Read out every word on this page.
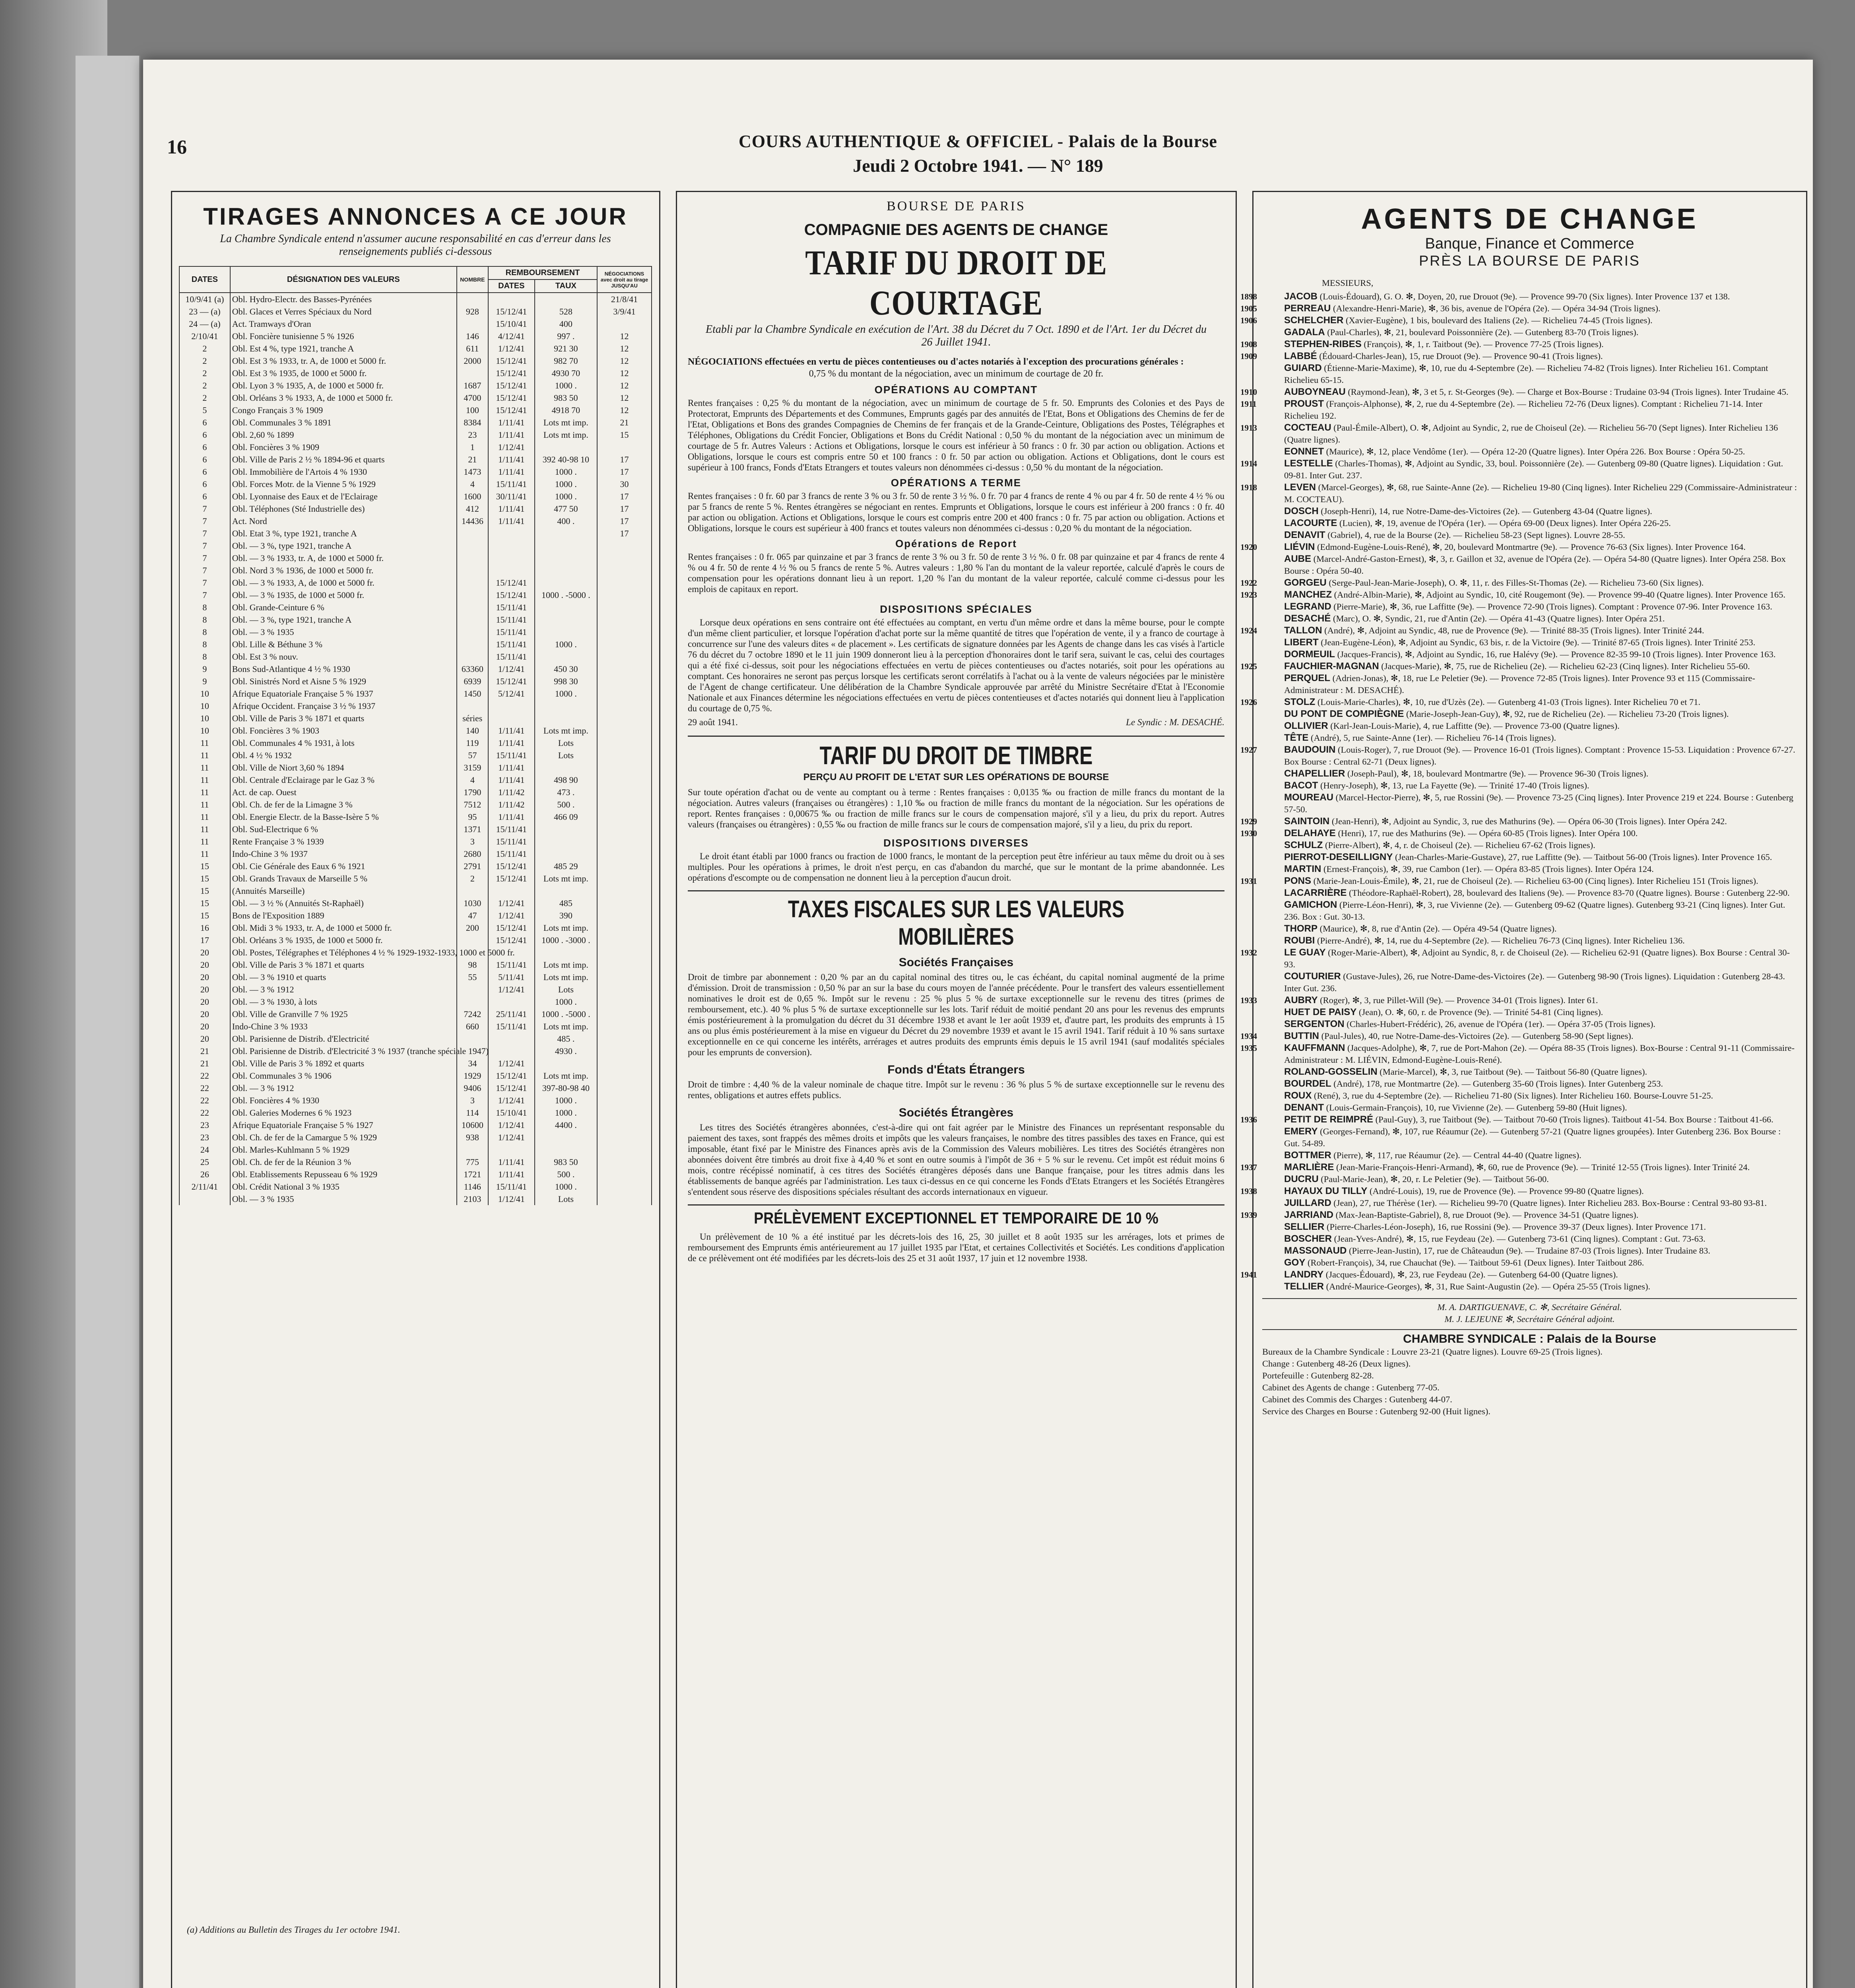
16	COURS AUTHENTIQUE & OFFICIEL - Palais de la Bourse
Jeudi 2 Octobre 1941. — N° 189
TIRAGES ANNONCES A CE JOUR
La Chambre Syndicale entend n'assumer aucune responsabilité en cas d'erreur dans les renseignements publiés ci-dessous
DATES	DÉSIGNATION DES VALEURS	NOMBRE	REMBOURSEMENT		NÉGOCIATIONS avec droit au tirage JUSQU'AU
			DATES	TAUX	
10/9/41 (a)	Obl. Hydro-Electr. des Basses-Pyrénées				21/8/41
23 — (a)	Obl. Glaces et Verres Spéciaux du Nord	928	15/12/41	528	3/9/41
24 — (a)	Act. Tramways d'Oran		15/10/41	400	
2/10/41	Obl. Foncière tunisienne 5 % 1926	146	4/12/41	997 .	12
2	Obl. Est 4 %, type 1921, tranche A	611	1/12/41	921 30	12
2	Obl. Est 3 % 1933, tr. A, de 1000 et 5000 fr.	2000	15/12/41	982 70	12
2	Obl. Est 3 % 1935, de 1000 et 5000 fr.		15/12/41	4930 70	12
2	Obl. Lyon 3 % 1935, A, de 1000 et 5000 fr.	1687	15/12/41	1000 .	12
2	Obl. Orléans 3 % 1933, A, de 1000 et 5000 fr.	4700	15/12/41	983 50	12
5	Congo Français 3 % 1909	100	15/12/41	4918 70	12
6	Obl. Communales 3 % 1891	8384	1/11/41	Lots mt imp.	21
6	Obl. 2,60 % 1899	23	1/11/41	Lots mt imp.	15
6	Obl. Foncières 3 % 1909	1	1/12/41		
6	Obl. Ville de Paris 2 ½ % 1894-96 et quarts	21	1/11/41	392 40-98 10	17
6	Obl. Immobilière de l'Artois 4 % 1930	1473	1/11/41	1000 .	17
6	Obl. Forces Motr. de la Vienne 5 % 1929	4	15/11/41	1000 .	30
6	Obl. Lyonnaise des Eaux et de l'Eclairage	1600	30/11/41	1000 .	17
7	Obl. Téléphones (Sté Industrielle des)	412	1/11/41	477 50	17
7	Act. Nord	14436	1/11/41	400 .	17
7	Obl. Etat 3 %, type 1921, tranche A				17
7	Obl. — 3 %, type 1921, tranche A				
7	Obl. — 3 % 1933, tr. A, de 1000 et 5000 fr.				
7	Obl. Nord 3 % 1936, de 1000 et 5000 fr.				
7	Obl. — 3 % 1933, A, de 1000 et 5000 fr.		15/12/41		
7	Obl. — 3 % 1935, de 1000 et 5000 fr.		15/12/41	1000 . -5000 .	
8	Obl. Grande-Ceinture 6 %		15/11/41		
8	Obl. — 3 %, type 1921, tranche A		15/11/41		
8	Obl. — 3 % 1935		15/11/41		
8	Obl. Lille & Béthune 3 %		15/11/41	1000 .	
8	Obl. Est 3 % nouv.		15/11/41		
9	Bons Sud-Atlantique 4 ½ % 1930	63360	1/12/41	450 30	
9	Obl. Sinistrés Nord et Aisne 5 % 1929	6939	15/12/41	998 30	
10	Afrique Equatoriale Française 5 % 1937	1450	5/12/41	1000 .	
10	Afrique Occident. Française 3 ½ % 1937				
10	Obl. Ville de Paris 3 % 1871 et quarts	séries			
10	Obl. Foncières 3 % 1903	140	1/11/41	Lots mt imp.	
11	Obl. Communales 4 % 1931, à lots	119	1/11/41	Lots	
11	Obl. 4 ½ % 1932	57	15/11/41	Lots	
11	Obl. Ville de Niort 3,60 % 1894	3159	1/11/41		
11	Obl. Centrale d'Eclairage par le Gaz 3 %	4	1/11/41	498 90	
11	Act. de cap. Ouest	1790	1/11/42	473 .	
11	Obl. Ch. de fer de la Limagne 3 %	7512	1/11/42	500 .	
11	Obl. Energie Electr. de la Basse-Isère 5 %	95	1/11/41	466 09	
11	Obl. Sud-Electrique 6 %	1371	15/11/41		
11	Rente Française 3 % 1939	3	15/11/41		
11	Indo-Chine 3 % 1937	2680	15/11/41		
15	Obl. Cie Générale des Eaux 6 % 1921	2791	15/12/41	485 29	
15	Obl. Grands Travaux de Marseille 5 %	2	15/12/41	Lots mt imp.	
15	(Annuités Marseille)				
15	Obl. — 3 ½ % (Annuités St-Raphaël)	1030	1/12/41	485	
15	Bons de l'Exposition 1889	47	1/12/41	390	
16	Obl. Midi 3 % 1933, tr. A, de 1000 et 5000 fr.	200	15/12/41	Lots mt imp.	
17	Obl. Orléans 3 % 1935, de 1000 et 5000 fr.		15/12/41	1000 . -3000 .	
20	Obl. Postes, Télégraphes et Téléphones 4 ½ % 1929-1932-1933, 1000 et 5000 fr.				
20	Obl. Ville de Paris 3 % 1871 et quarts	98	15/11/41	Lots mt imp.	
20	Obl. — 3 % 1910 et quarts	55	5/11/41	Lots mt imp.	
20	Obl. — 3 % 1912		1/12/41	Lots	
20	Obl. — 3 % 1930, à lots			1000 .	
20	Obl. Ville de Granville 7 % 1925	7242	25/11/41	1000 . -5000 .	
20	Indo-Chine 3 % 1933	660	15/11/41	Lots mt imp.	
20	Obl. Parisienne de Distrib. d'Electricité			485 .	
21	Obl. Parisienne de Distrib. d'Electricité 3 % 1937 (tranche spéciale 1947)			4930 .	
21	Obl. Ville de Paris 3 % 1892 et quarts	34	1/12/41		
22	Obl. Communales 3 % 1906	1929	15/12/41	Lots mt imp.	
22	Obl. — 3 % 1912	9406	15/12/41	397-80-98 40	
22	Obl. Foncières 4 % 1930	3	1/12/41	1000 .	
22	Obl. Galeries Modernes 6 % 1923	114	15/10/41	1000 .	
23	Afrique Equatoriale Française 5 % 1927	10600	1/12/41	4400 .	
23	Obl. Ch. de fer de la Camargue 5 % 1929	938	1/12/41		
24	Obl. Marles-Kuhlmann 5 % 1929				
25	Obl. Ch. de fer de la Réunion 3 %	775	1/11/41	983 50	
26	Obl. Etablissements Repusseau 6 % 1929	1721	1/11/41	500 .	
2/11/41	Obl. Crédit National 3 % 1935	1146	15/11/41	1000 .	
	Obl. — 3 % 1935	2103	1/12/41	Lots	
(a) Additions au Bulletin des Tirages du 1er octobre 1941.
BOURSE DE PARIS
COMPAGNIE DES AGENTS DE CHANGE
TARIF DU DROIT DE COURTAGE
Etabli par la Chambre Syndicale en exécution de l'Art. 38 du Décret du 7 Oct. 1890 et de l'Art. 1er du Décret du 26 Juillet 1941.
NÉGOCIATIONS effectuées en vertu de pièces contentieuses ou d'actes notariés à l'exception des procurations générales :
0,75 % du montant de la négociation, avec un minimum de courtage de 20 fr.
OPÉRATIONS AU COMPTANT
Rentes françaises : 0,25 % du montant de la négociation, avec un minimum de courtage de 5 fr. 50. Emprunts des Colonies et des Pays de Protectorat, Emprunts des Départements et des Communes, Emprunts gagés par des annuités de l'Etat, Bons et Obligations des Chemins de fer de l'Etat, Obligations et Bons des grandes Compagnies de Chemins de fer français et de la Grande-Ceinture, Obligations des Postes, Télégraphes et Téléphones, Obligations du Crédit Foncier, Obligations et Bons du Crédit National : 0,50 % du montant de la négociation avec un minimum de courtage de 5 fr. Autres Valeurs : Actions et Obligations, lorsque le cours est inférieur à 50 francs : 0 fr. 30 par action ou obligation. Actions et Obligations, lorsque le cours est compris entre 50 et 100 francs : 0 fr. 50 par action ou obligation. Actions et Obligations, dont le cours est supérieur à 100 francs, Fonds d'Etats Etrangers et toutes valeurs non dénommées ci-dessus : 0,50 % du montant de la négociation.
OPÉRATIONS A TERME
Rentes françaises : 0 fr. 60 par 3 francs de rente 3 % ou 3 fr. 50 de rente 3 ½ %. 0 fr. 70 par 4 francs de rente 4 % ou par 4 fr. 50 de rente 4 ½ % ou par 5 francs de rente 5 %. Rentes étrangères se négociant en rentes. Emprunts et Obligations, lorsque le cours est inférieur à 200 francs : 0 fr. 40 par action ou obligation. Actions et Obligations, lorsque le cours est compris entre 200 et 400 francs : 0 fr. 75 par action ou obligation. Actions et Obligations, lorsque le cours est supérieur à 400 francs et toutes valeurs non dénommées ci-dessus : 0,20 % du montant de la négociation.
Opérations de Report
Rentes françaises : 0 fr. 065 par quinzaine et par 3 francs de rente 3 % ou 3 fr. 50 de rente 3 ½ %. 0 fr. 08 par quinzaine et par 4 francs de rente 4 % ou 4 fr. 50 de rente 4 ½ % ou 5 francs de rente 5 %. Autres valeurs : 1,80 % l'an du montant de la valeur reportée, calculé d'après le cours de compensation pour les opérations donnant lieu à un report. 1,20 % l'an du montant de la valeur reportée, calculé comme ci-dessus pour les emplois de capitaux en report.
DISPOSITIONS SPÉCIALES
Lorsque deux opérations en sens contraire ont été effectuées au comptant, en vertu d'un même ordre et dans la même bourse, pour le compte d'un même client particulier, et lorsque l'opération d'achat porte sur la même quantité de titres que l'opération de vente, il y a franco de courtage à concurrence sur l'une des valeurs dites « de placement ». Les certificats de signature données par les Agents de change dans les cas visés à l'article 76 du décret du 7 octobre 1890 et le 11 juin 1909 donneront lieu à la perception d'honoraires dont le tarif sera, suivant le cas, celui des courtages qui a été fixé ci-dessus, soit pour les négociations effectuées en vertu de pièces contentieuses ou d'actes notariés, soit pour les opérations au comptant. Ces honoraires ne seront pas perçus lorsque les certificats seront corrélatifs à l'achat ou à la vente de valeurs négociées par le ministère de l'Agent de change certificateur. Une délibération de la Chambre Syndicale approuvée par arrêté du Ministre Secrétaire d'Etat à l'Economie Nationale et aux Finances détermine les négociations effectuées en vertu de pièces contentieuses et d'actes notariés qui donnent lieu à l'application du courtage de 0,75 %.
29 août 1941.	Le Syndic : M. DESACHÉ.
TARIF DU DROIT DE TIMBRE
PERÇU AU PROFIT DE L'ETAT SUR LES OPÉRATIONS DE BOURSE
Sur toute opération d'achat ou de vente au comptant ou à terme : Rentes françaises : 0,0135 ‰ ou fraction de mille francs du montant de la négociation. Autres valeurs (françaises ou étrangères) : 1,10 ‰ ou fraction de mille francs du montant de la négociation. Sur les opérations de report. Rentes françaises : 0,00675 ‰ ou fraction de mille francs sur le cours de compensation majoré, s'il y a lieu, du prix du report. Autres valeurs (françaises ou étrangères) : 0,55 ‰ ou fraction de mille francs sur le cours de compensation majoré, s'il y a lieu, du prix du report.
DISPOSITIONS DIVERSES
Le droit étant établi par 1000 francs ou fraction de 1000 francs, le montant de la perception peut être inférieur au taux même du droit ou à ses multiples. Pour les opérations à primes, le droit n'est perçu, en cas d'abandon du marché, que sur le montant de la prime abandonnée. Les opérations d'escompte ou de compensation ne donnent lieu à la perception d'aucun droit.
TAXES FISCALES SUR LES VALEURS MOBILIÈRES
Sociétés Françaises
Droit de timbre par abonnement : 0,20 % par an du capital nominal des titres ou, le cas échéant, du capital nominal augmenté de la prime d'émission. Droit de transmission : 0,50 % par an sur la base du cours moyen de l'année précédente. Pour le transfert des valeurs essentiellement nominatives le droit est de 0,65 %. Impôt sur le revenu : 25 % plus 5 % de surtaxe exceptionnelle sur le revenu des titres (primes de remboursement, etc.). 40 % plus 5 % de surtaxe exceptionnelle sur les lots. Tarif réduit de moitié pendant 20 ans pour les revenus des emprunts émis postérieurement à la promulgation du décret du 31 décembre 1938 et avant le 1er août 1939 et, d'autre part, les produits des emprunts à 15 ans ou plus émis postérieurement à la mise en vigueur du Décret du 29 novembre 1939 et avant le 15 avril 1941. Tarif réduit à 10 % sans surtaxe exceptionnelle en ce qui concerne les intérêts, arrérages et autres produits des emprunts émis depuis le 15 avril 1941 (sauf modalités spéciales pour les emprunts de conversion).
Fonds d'États Étrangers
Droit de timbre : 4,40 % de la valeur nominale de chaque titre. Impôt sur le revenu : 36 % plus 5 % de surtaxe exceptionnelle sur le revenu des rentes, obligations et autres effets publics.
Sociétés Étrangères
Les titres des Sociétés étrangères abonnées, c'est-à-dire qui ont fait agréer par le Ministre des Finances un représentant responsable du paiement des taxes, sont frappés des mêmes droits et impôts que les valeurs françaises, le nombre des titres passibles des taxes en France, qui est imposable, étant fixé par le Ministre des Finances après avis de la Commission des Valeurs mobilières. Les titres des Sociétés étrangères non abonnées doivent être timbrés au droit fixe à 4,40 % et sont en outre soumis à l'impôt de 36 + 5 % sur le revenu. Cet impôt est réduit moins 6 mois, contre récépissé nominatif, à ces titres des Sociétés étrangères déposés dans une Banque française, pour les titres admis dans les établissements de banque agréés par l'administration. Les taux ci-dessus en ce qui concerne les Fonds d'Etats Etrangers et les Sociétés Etrangères s'entendent sous réserve des dispositions spéciales résultant des accords internationaux en vigueur.
PRÉLÈVEMENT EXCEPTIONNEL ET TEMPORAIRE DE 10 %
Un prélèvement de 10 % a été institué par les décrets-lois des 16, 25, 30 juillet et 8 août 1935 sur les arrérages, lots et primes de remboursement des Emprunts émis antérieurement au 17 juillet 1935 par l'Etat, et certaines Collectivités et Sociétés. Les conditions d'application de ce prélèvement ont été modifiées par les décrets-lois des 25 et 31 août 1937, 17 juin et 12 novembre 1938.
AGENTS DE CHANGE
Banque, Finance et Commerce
PRÈS LA BOURSE DE PARIS
MESSIEURS,

1898	JACOB (Louis-Édouard), G. O. ✻, Doyen, 20, rue Drouot (9e). — Provence 99-70 (Six lignes). Inter Provence 137 et 138.

1905	PERREAU (Alexandre-Henri-Marie), ✻, 36 bis, avenue de l'Opéra (2e). — Opéra 34-94 (Trois lignes).

1906	SCHELCHER (Xavier-Eugène), 1 bis, boulevard des Italiens (2e). — Richelieu 74-45 (Trois lignes).

GADALA (Paul-Charles), ✻, 21, boulevard Poissonnière (2e). — Gutenberg 83-70 (Trois lignes).

1908	STEPHEN-RIBES (François), ✻, 1, r. Taitbout (9e). — Provence 77-25 (Trois lignes).

1909	LABBÉ (Édouard-Charles-Jean), 15, rue Drouot (9e). — Provence 90-41 (Trois lignes).

GUIARD (Étienne-Marie-Maxime), ✻, 10, rue du 4-Septembre (2e). — Richelieu 74-82 (Trois lignes). Inter Richelieu 161. Comptant Richelieu 65-15.

1910	AUBOYNEAU (Raymond-Jean), ✻, 3 et 5, r. St-Georges (9e). — Charge et Box-Bourse : Trudaine 03-94 (Trois lignes). Inter Trudaine 45.

1911	PROUST (François-Alphonse), ✻, 2, rue du 4-Septembre (2e). — Richelieu 72-76 (Deux lignes). Comptant : Richelieu 71-14. Inter Richelieu 192.

1913	COCTEAU (Paul-Émile-Albert), O. ✻, Adjoint au Syndic, 2, rue de Choiseul (2e). — Richelieu 56-70 (Sept lignes). Inter Richelieu 136 (Quatre lignes).

EONNET (Maurice), ✻, 12, place Vendôme (1er). — Opéra 12-20 (Quatre lignes). Inter Opéra 226. Box Bourse : Opéra 50-25.

1914	LESTELLE (Charles-Thomas), ✻, Adjoint au Syndic, 33, boul. Poissonnière (2e). — Gutenberg 09-80 (Quatre lignes). Liquidation : Gut. 09-81. Inter Gut. 237.

1918	LEVEN (Marcel-Georges), ✻, 68, rue Sainte-Anne (2e). — Richelieu 19-80 (Cinq lignes). Inter Richelieu 229 (Commissaire-Administrateur : M. COCTEAU).

DOSCH (Joseph-Henri), 14, rue Notre-Dame-des-Victoires (2e). — Gutenberg 43-04 (Quatre lignes).

LACOURTE (Lucien), ✻, 19, avenue de l'Opéra (1er). — Opéra 69-00 (Deux lignes). Inter Opéra 226-25.

DENAVIT (Gabriel), 4, rue de la Bourse (2e). — Richelieu 58-23 (Sept lignes). Louvre 28-55.

1920	LIÉVIN (Edmond-Eugène-Louis-René), ✻, 20, boulevard Montmartre (9e). — Provence 76-63 (Six lignes). Inter Provence 164.

AUBE (Marcel-André-Gaston-Ernest), ✻, 3, r. Gaillon et 32, avenue de l'Opéra (2e). — Opéra 54-80 (Quatre lignes). Inter Opéra 258. Box Bourse : Opéra 50-40.

1922	GORGEU (Serge-Paul-Jean-Marie-Joseph), O. ✻, 11, r. des Filles-St-Thomas (2e). — Richelieu 73-60 (Six lignes).

1923	MANCHEZ (André-Albin-Marie), ✻, Adjoint au Syndic, 10, cité Rougemont (9e). — Provence 99-40 (Quatre lignes). Inter Provence 165.

LEGRAND (Pierre-Marie), ✻, 36, rue Laffitte (9e). — Provence 72-90 (Trois lignes). Comptant : Provence 07-96. Inter Provence 163.

DESACHÉ (Marc), O. ✻, Syndic, 21, rue d'Antin (2e). — Opéra 41-43 (Quatre lignes). Inter Opéra 251.

1924	TALLON (André), ✻, Adjoint au Syndic, 48, rue de Provence (9e). — Trinité 88-35 (Trois lignes). Inter Trinité 244.

LIBERT (Jean-Eugène-Léon), ✻, Adjoint au Syndic, 63 bis, r. de la Victoire (9e). — Trinité 87-65 (Trois lignes). Inter Trinité 253.

DORMEUIL (Jacques-Francis), ✻, Adjoint au Syndic, 16, rue Halévy (9e). — Provence 82-35 99-10 (Trois lignes). Inter Provence 163.

1925	FAUCHIER-MAGNAN (Jacques-Marie), ✻, 75, rue de Richelieu (2e). — Richelieu 62-23 (Cinq lignes). Inter Richelieu 55-60.

PERQUEL (Adrien-Jonas), ✻, 18, rue Le Peletier (9e). — Provence 72-85 (Trois lignes). Inter Provence 93 et 115 (Commissaire-Administrateur : M. DESACHÉ).

1926	STOLZ (Louis-Marie-Charles), ✻, 10, rue d'Uzès (2e). — Gutenberg 41-03 (Trois lignes). Inter Richelieu 70 et 71.

DU PONT DE COMPIÈGNE (Marie-Joseph-Jean-Guy), ✻, 92, rue de Richelieu (2e). — Richelieu 73-20 (Trois lignes).

OLLIVIER (Karl-Jean-Louis-Marie), 4, rue Laffitte (9e). — Provence 73-00 (Quatre lignes).

TÊTE (André), 5, rue Sainte-Anne (1er). — Richelieu 76-14 (Trois lignes).

1927	BAUDOUIN (Louis-Roger), 7, rue Drouot (9e). — Provence 16-01 (Trois lignes). Comptant : Provence 15-53. Liquidation : Provence 67-27. Box Bourse : Central 62-71 (Deux lignes).

CHAPELLIER (Joseph-Paul), ✻, 18, boulevard Montmartre (9e). — Provence 96-30 (Trois lignes).

BACOT (Henry-Joseph), ✻, 13, rue La Fayette (9e). — Trinité 17-40 (Trois lignes).

MOUREAU (Marcel-Hector-Pierre), ✻, 5, rue Rossini (9e). — Provence 73-25 (Cinq lignes). Inter Provence 219 et 224. Bourse : Gutenberg 57-50.

1929	SAINTOIN (Jean-Henri), ✻, Adjoint au Syndic, 3, rue des Mathurins (9e). — Opéra 06-30 (Trois lignes). Inter Opéra 242.

1930	DELAHAYE (Henri), 17, rue des Mathurins (9e). — Opéra 60-85 (Trois lignes). Inter Opéra 100.

SCHULZ (Pierre-Albert), ✻, 4, r. de Choiseul (2e). — Richelieu 67-62 (Trois lignes).

PIERROT-DESEILLIGNY (Jean-Charles-Marie-Gustave), 27, rue Laffitte (9e). — Taitbout 56-00 (Trois lignes). Inter Provence 165.

MARTIN (Ernest-François), ✻, 39, rue Cambon (1er). — Opéra 83-85 (Trois lignes). Inter Opéra 124.

1931	PONS (Marie-Jean-Louis-Émile), ✻, 21, rue de Choiseul (2e). — Richelieu 63-00 (Cinq lignes). Inter Richelieu 151 (Trois lignes).

LACARRIÈRE (Théodore-Raphaël-Robert), 28, boulevard des Italiens (9e). — Provence 83-70 (Quatre lignes). Bourse : Gutenberg 22-90.

GAMICHON (Pierre-Léon-Henri), ✻, 3, rue Vivienne (2e). — Gutenberg 09-62 (Quatre lignes). Gutenberg 93-21 (Cinq lignes). Inter Gut. 236. Box : Gut. 30-13.

THORP (Maurice), ✻, 8, rue d'Antin (2e). — Opéra 49-54 (Quatre lignes).

ROUBI (Pierre-André), ✻, 14, rue du 4-Septembre (2e). — Richelieu 76-73 (Cinq lignes). Inter Richelieu 136.

1932	LE GUAY (Roger-Marie-Albert), ✻, Adjoint au Syndic, 8, r. de Choiseul (2e). — Richelieu 62-91 (Quatre lignes). Box Bourse : Central 30-93.

COUTURIER (Gustave-Jules), 26, rue Notre-Dame-des-Victoires (2e). — Gutenberg 98-90 (Trois lignes). Liquidation : Gutenberg 28-43. Inter Gut. 236.

1933	AUBRY (Roger), ✻, 3, rue Pillet-Will (9e). — Provence 34-01 (Trois lignes). Inter 61.

HUET DE PAISY (Jean), O. ✻, 60, r. de Provence (9e). — Trinité 54-81 (Cinq lignes).

SERGENTON (Charles-Hubert-Frédéric), 26, avenue de l'Opéra (1er). — Opéra 37-05 (Trois lignes).

1934	BUTTIN (Paul-Jules), 40, rue Notre-Dame-des-Victoires (2e). — Gutenberg 58-90 (Sept lignes).

1935	KAUFFMANN (Jacques-Adolphe), ✻, 7, rue de Port-Mahon (2e). — Opéra 88-35 (Trois lignes). Box-Bourse : Central 91-11 (Commissaire-Administrateur : M. LIÉVIN, Edmond-Eugène-Louis-René).

ROLAND-GOSSELIN (Marie-Marcel), ✻, 3, rue Taitbout (9e). — Taitbout 56-80 (Quatre lignes).

BOURDEL (André), 178, rue Montmartre (2e). — Gutenberg 35-60 (Trois lignes). Inter Gutenberg 253.

ROUX (René), 3, rue du 4-Septembre (2e). — Richelieu 71-80 (Six lignes). Inter Richelieu 160. Bourse-Louvre 51-25.

DENANT (Louis-Germain-François), 10, rue Vivienne (2e). — Gutenberg 59-80 (Huit lignes).

1936	PETIT DE REIMPRÉ (Paul-Guy), 3, rue Taitbout (9e). — Taitbout 70-60 (Trois lignes). Taitbout 41-54. Box Bourse : Taitbout 41-66.

EMERY (Georges-Fernand), ✻, 107, rue Réaumur (2e). — Gutenberg 57-21 (Quatre lignes groupées). Inter Gutenberg 236. Box Bourse : Gut. 54-89.

BOTTMER (Pierre), ✻, 117, rue Réaumur (2e). — Central 44-40 (Quatre lignes).

1937	MARLIÈRE (Jean-Marie-François-Henri-Armand), ✻, 60, rue de Provence (9e). — Trinité 12-55 (Trois lignes). Inter Trinité 24.

DUCRU (Paul-Marie-Jean), ✻, 20, r. Le Peletier (9e). — Taitbout 56-00.

1938	HAYAUX DU TILLY (André-Louis), 19, rue de Provence (9e). — Provence 99-80 (Quatre lignes).

JUILLARD (Jean), 27, rue Thérèse (1er). — Richelieu 99-70 (Quatre lignes). Inter Richelieu 283. Box-Bourse : Central 93-80 93-81.

1939	JARRIAND (Max-Jean-Baptiste-Gabriel), 8, rue Drouot (9e). — Provence 34-51 (Quatre lignes).

SELLIER (Pierre-Charles-Léon-Joseph), 16, rue Rossini (9e). — Provence 39-37 (Deux lignes). Inter Provence 171.

BOSCHER (Jean-Yves-André), ✻, 15, rue Feydeau (2e). — Gutenberg 73-61 (Cinq lignes). Comptant : Gut. 73-63.

MASSONAUD (Pierre-Jean-Justin), 17, rue de Châteaudun (9e). — Trudaine 87-03 (Trois lignes). Inter Trudaine 83.

GOY (Robert-François), 34, rue Chauchat (9e). — Taitbout 59-61 (Deux lignes). Inter Taitbout 286.

1941	LANDRY (Jacques-Édouard), ✻, 23, rue Feydeau (2e). — Gutenberg 64-00 (Quatre lignes).

TELLIER (André-Maurice-Georges), ✻, 31, Rue Saint-Augustin (2e). — Opéra 25-55 (Trois lignes).

M. A. DARTIGUENAVE, C. ✻, Secrétaire Général.
M. J. LEJEUNE ✻, Secrétaire Général adjoint.
CHAMBRE SYNDICALE : Palais de la Bourse
Bureaux de la Chambre Syndicale : Louvre 23-21 (Quatre lignes). Louvre 69-25 (Trois lignes).
Change : Gutenberg 48-26 (Deux lignes).
Portefeuille : Gutenberg 82-28.
Cabinet des Agents de change : Gutenberg 77-05.
Cabinet des Commis des Charges : Gutenberg 44-07.
Service des Charges en Bourse : Gutenberg 92-00 (Huit lignes).
